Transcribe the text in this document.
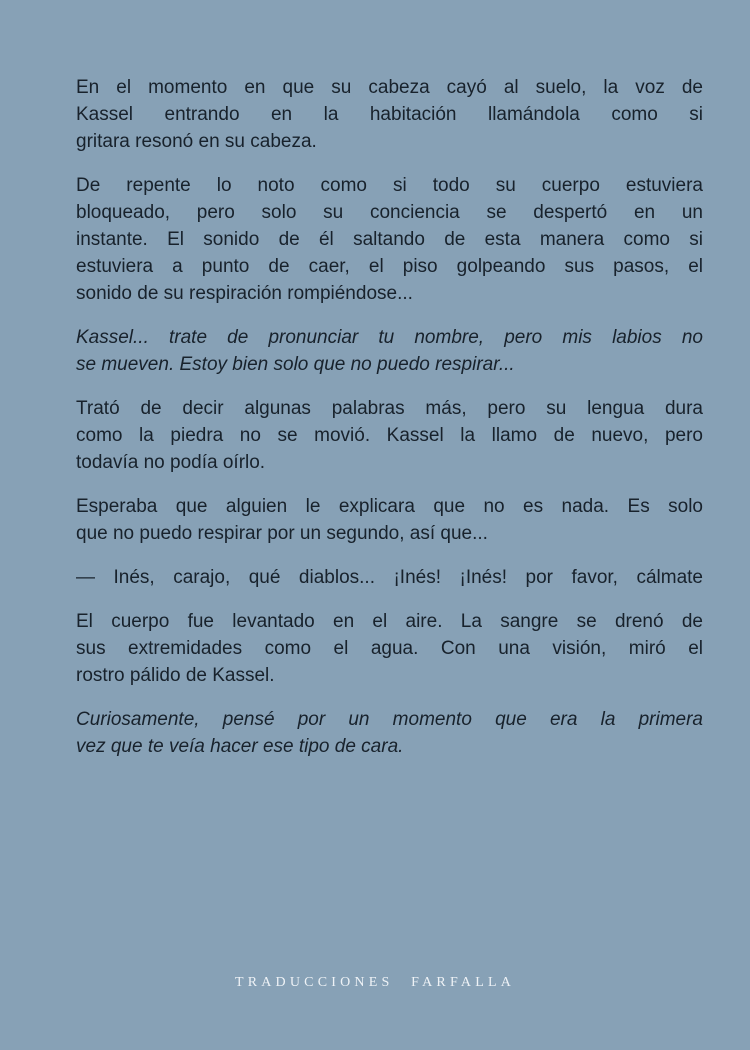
En el momento en que su cabeza cayó al suelo, la voz de
Kassel entrando en la habitación llamándola como si
gritara resonó en su cabeza.

De repente lo noto como si todo su cuerpo estuviera
bloqueado, pero solo su conciencia se despertó en un
instante. El sonido de él saltando de esta manera como si
estuviera a punto de caer, el piso golpeando sus pasos, el
sonido de su respiración rompiéndose...

Kassel... trate de pronunciar tu nombre, pero mis labios no
se mueven. Estoy bien solo que no puedo respirar...

Trató de decir algunas palabras más, pero su lengua dura
como la piedra no se movió. Kassel la llamo de nuevo, pero
todavía no podía oírlo.

Esperaba que alguien le explicara que no es nada. Es solo
que no puedo respirar por un segundo, así que...

— Inés, carajo, qué diablos... ¡Inés! ¡Inés! por favor, cálmate

El cuerpo fue levantado en el aire. La sangre se drenó de
sus extremidades como el agua. Con una visión, miró el
rostro pálido de Kassel.

Curiosamente, pensé por un momento que era la primera
vez que te veía hacer ese tipo de cara.

TRADUCCIONES FARFALLA
